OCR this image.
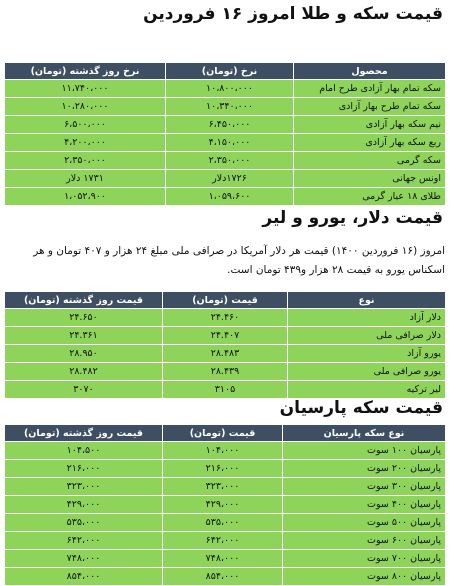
قیمت سکه و طلا امروز ۱۶ فروردین
محصول	نرخ (تومان)	نرخ روز گذشته (تومان)
سکه تمام بهار آزادی طرح امام	۱۰،۸۰۰،۰۰۰	۱۱،۷۴۰،۰۰۰
سکه تمام طرح بهار آزادی	۱۰،۳۴۰،۰۰۰	۱۰،۲۸۰،۰۰۰
نیم سکه بهار آزادی	۶،۴۵۰،۰۰۰	۶،۵۰۰،۰۰۰
ربع سکه بهار آزادی	۴،۱۵۰،۰۰۰	۴،۲۰۰،۰۰۰
سکه گرمی	۲،۳۵۰،۰۰۰	۲،۳۵۰،۰۰۰
اونس جهانی	۱۷۲۶دلار	۱۷۳۱ دلار
طلای ۱۸ عیار گرمی	۱،۰۵۹،۶۰۰	۱،۰۵۲،۹۰۰
قیمت دلار، یورو و لیر

امروز (۱۶ فروردین ۱۴۰۰) قیمت هر دلار آمریکا در صرافی ملی مبلغ ۲۴ هزار و ۴۰۷ تومان و هر اسکناس یورو به قیمت ۲۸ هزار و۴۳۹ تومان است.

نوع	قیمت (تومان)	قیمت روز گذشته (تومان)
دلار آزاد	۲۴.۴۶۰	۲۴.۶۵۰
دلار صرافی ملی	۲۴.۴۰۷	۲۴.۳۶۱
یورو آزاد	۲۸.۴۸۳	۲۸.۹۵۰
یورو صرافی ملی	۲۸.۴۳۹	۲۸.۴۸۲
لیر ترکیه	۳۱۰۵	۳۰۷۰
قیمت سکه پارسیان
نوع سکه پارسیان	قیمت (تومان)	قیمت روز گذشته (تومان)
پارسیان ۱۰۰ سوت	۱۰۴،۰۰۰	۱۰۴،۵۰۰
پارسیان ۲۰۰ سوت	۲۱۶،۰۰۰	۲۱۶،۰۰۰
پارسیان ۳۰۰ سوت	۳۲۳،۰۰۰	۳۲۳،۰۰۰
پارسیان ۴۰۰ سوت	۴۲۹،۰۰۰	۴۲۹،۰۰۰
پارسیان ۵۰۰ سوت	۵۳۵،۰۰۰	۵۳۵،۰۰۰
پارسیان ۶۰۰ سوت	۶۴۲،۰۰۰	۶۴۲،۰۰۰
پارسیان ۷۰۰ سوت	۷۴۸،۰۰۰	۷۴۸،۰۰۰
پارسیان ۸۰۰ سوت	۸۵۴،۰۰۰	۸۵۴،۰۰۰
